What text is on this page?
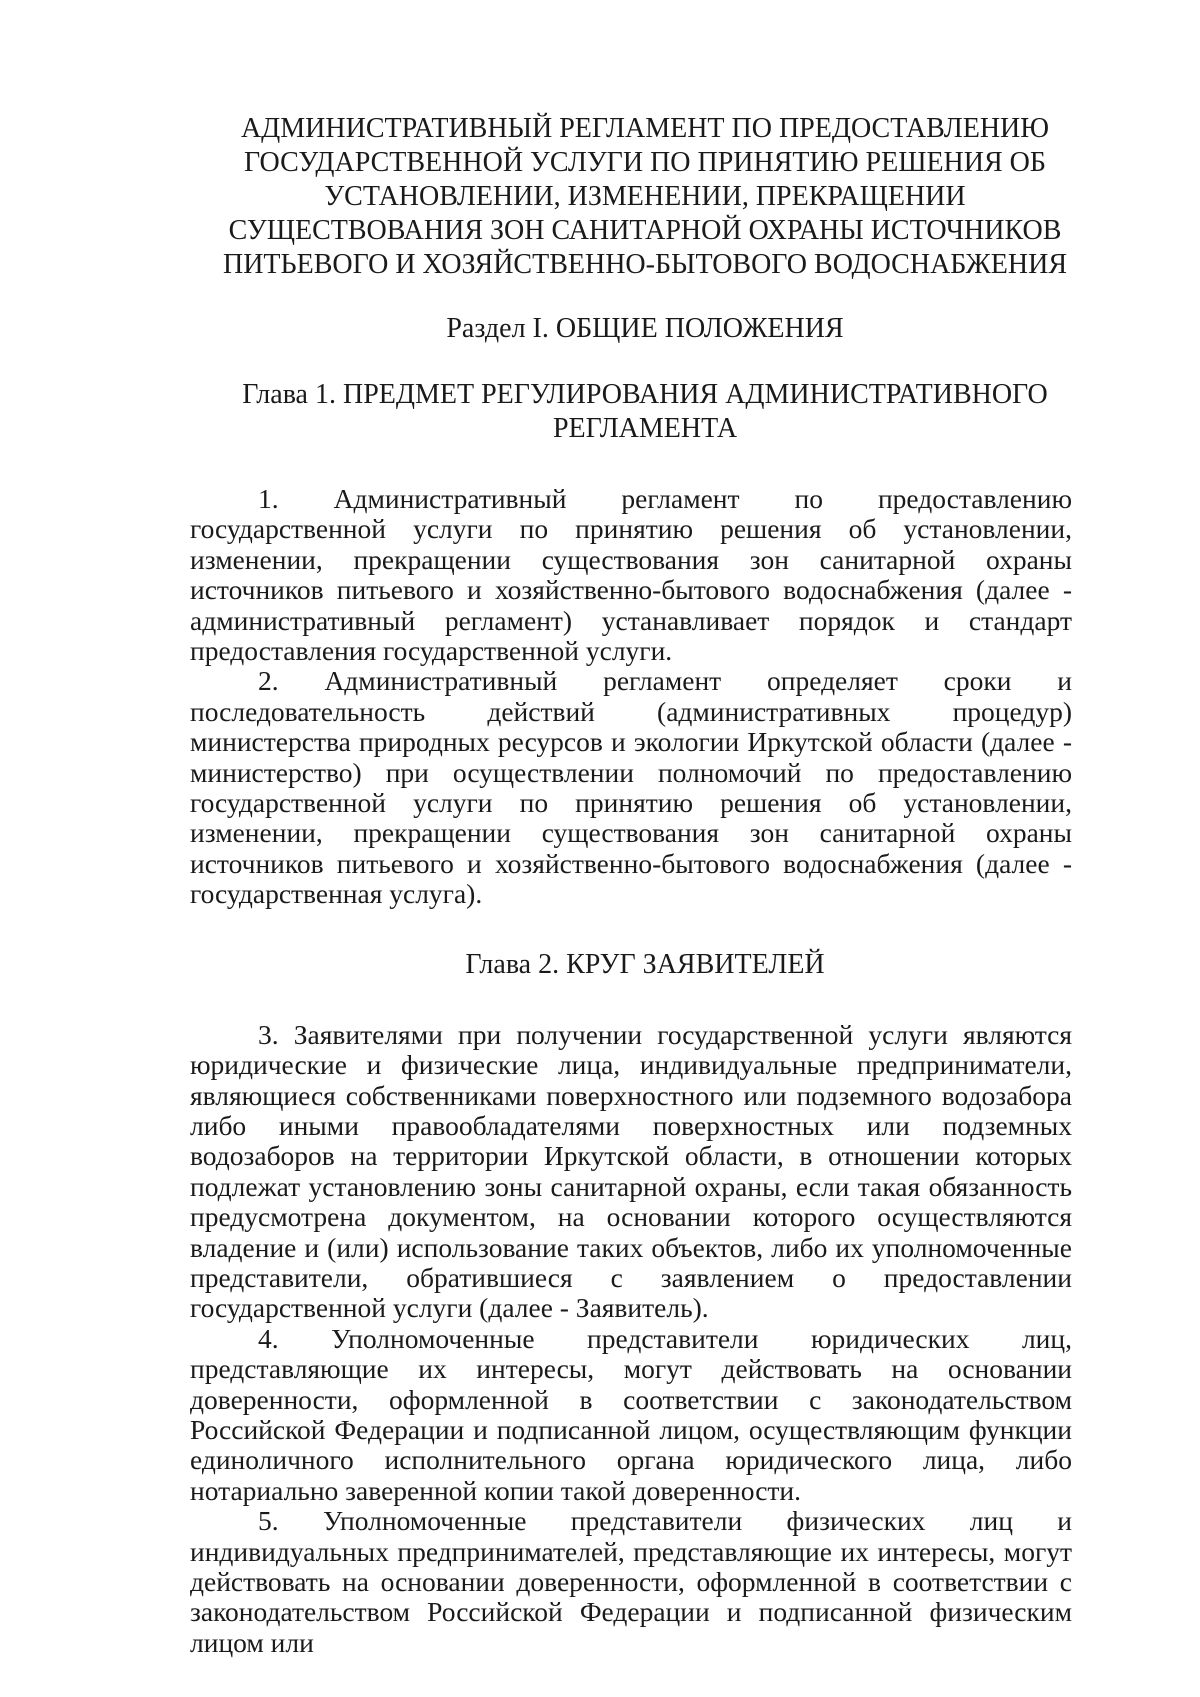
АДМИНИСТРАТИВНЫЙ РЕГЛАМЕНТ ПО ПРЕДОСТАВЛЕНИЮ ГОСУДАРСТВЕННОЙ УСЛУГИ ПО ПРИНЯТИЮ РЕШЕНИЯ ОБ УСТАНОВЛЕНИИ, ИЗМЕНЕНИИ, ПРЕКРАЩЕНИИ СУЩЕСТВОВАНИЯ ЗОН САНИТАРНОЙ ОХРАНЫ ИСТОЧНИКОВ ПИТЬЕВОГО И ХОЗЯЙСТВЕННО-БЫТОВОГО ВОДОСНАБЖЕНИЯ
Раздел I. ОБЩИЕ ПОЛОЖЕНИЯ
Глава 1. ПРЕДМЕТ РЕГУЛИРОВАНИЯ АДМИНИСТРАТИВНОГО РЕГЛАМЕНТА

1. Административный регламент по предоставлению государственной услуги по принятию решения об установлении, изменении, прекращении существования зон санитарной охраны источников питьевого и хозяйственно-бытового водоснабжения (далее - административный регламент) устанавливает порядок и стандарт предоставления государственной услуги.

2. Административный регламент определяет сроки и последовательность действий (административных процедур) министерства природных ресурсов и экологии Иркутской области (далее - министерство) при осуществлении полномочий по предоставлению государственной услуги по принятию решения об установлении, изменении, прекращении существования зон санитарной охраны источников питьевого и хозяйственно-бытового водоснабжения (далее - государственная услуга).

Глава 2. КРУГ ЗАЯВИТЕЛЕЙ

3. Заявителями при получении государственной услуги являются юридические и физические лица, индивидуальные предприниматели, являющиеся собственниками поверхностного или подземного водозабора либо иными правообладателями поверхностных или подземных водозаборов на территории Иркутской области, в отношении которых подлежат установлению зоны санитарной охраны, если такая обязанность предусмотрена документом, на основании которого осуществляются владение и (или) использование таких объектов, либо их уполномоченные представители, обратившиеся с заявлением о предоставлении государственной услуги (далее - Заявитель).

4. Уполномоченные представители юридических лиц, представляющие их интересы, могут действовать на основании доверенности, оформленной в соответствии с законодательством Российской Федерации и подписанной лицом, осуществляющим функции единоличного исполнительного органа юридического лица, либо нотариально заверенной копии такой доверенности.

5. Уполномоченные представители физических лиц и индивидуальных предпринимателей, представляющие их интересы, могут действовать на основании доверенности, оформленной в соответствии с законодательством Российской Федерации и подписанной физическим лицом или
